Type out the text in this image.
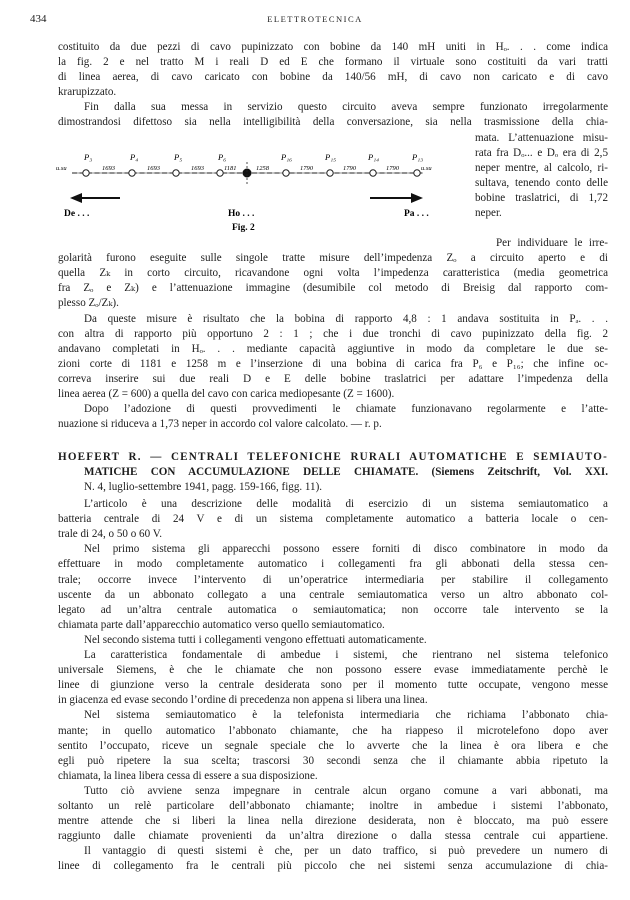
434	ELETTROTECNICA
costituito da due pezzi di cavo pupinizzato con bobine da 140 mH uniti in Hₒ. . . come indica
la fig. 2 e nel tratto M i reali D ed E che formano il virtuale sono costituiti da vari tratti
di linea aerea, di cavo caricato con bobine da 140/56 mH, di cavo non caricato e di cavo
krarupizzato.
Fin dalla sua messa in servizio questo circuito aveva sempre funzionato irregolarmente
dimostrandosi difettoso sia nella intelligibilità della conversazione, sia nella trasmissione della chia-
mata. L’attenuazione misu-
rata fra Dₒ... e Dₒ era di 2,5
neper mentre, al calcolo, ri-
sultava, tenendo conto delle
bobine traslatrici, di 1,72
neper.
P₃	P₄	P₅	P₆	P₁₆	P₁₅	P₁₄	P₁₃
u.su	1693	1693	1693	1181	1258	1790	1790	1790	u.su
De . . .	Ho . . .	Pa . . .
Fig. 2
Per individuare le irre-
golarità furono eseguite sulle singole tratte misure dell’impedenza Zₒ a circuito aperto e di
quella Zₖ in corto circuito, ricavandone ogni volta l’impedenza caratteristica (media geometrica
fra Zₒ e Zₖ) e l’attenuazione immagine (desumibile col metodo di Breisig dal rapporto com-
plesso Zₒ/Zₖ).
Da queste misure è risultato che la bobina di rapporto 4,8 : 1 andava sostituita in Pₔ. . .
con altra di rapporto più opportuno 2 : 1 ; che i due tronchi di cavo pupinizzato della fig. 2
andavano completati in Hₒ. . . mediante capacità aggiuntive in modo da completare le due se-
zioni corte di 1181 e 1258 m e l’inserzione di una bobina di carica fra P₆ e P₁₆; che infine oc-
correva inserire sui due reali D e E delle bobine traslatrici per adattare l’impedenza della
linea aerea (Z = 600) a quella del cavo con carica mediopesante (Z = 1600).
Dopo l’adozione di questi provvedimenti le chiamate funzionavano regolarmente e l’atte-
nuazione si riduceva a 1,73 neper in accordo col valore calcolato. — r. p.
HOEFERT R. — CENTRALI TELEFONICHE RURALI AUTOMATICHE E SEMIAUTO-
MATICHE CON ACCUMULAZIONE DELLE CHIAMATE. (Siemens Zeitschrift, Vol. XXI.
N. 4, luglio-settembre 1941, pagg. 159-166, figg. 11).
L’articolo è una descrizione delle modalità di esercizio di un sistema semiautomatico a
batteria centrale di 24 V e di un sistema completamente automatico a batteria locale o cen-
trale di 24, o 50 o 60 V.
Nel primo sistema gli apparecchi possono essere forniti di disco combinatore in modo da
effettuare in modo completamente automatico i collegamenti fra gli abbonati della stessa cen-
trale; occorre invece l’intervento di un’operatrice intermediaria per stabilire il collegamento
uscente da un abbonato collegato a una centrale semiautomatica verso un altro abbonato col-
legato ad un’altra centrale automatica o semiautomatica; non occorre tale intervento se la
chiamata parte dall’apparecchio automatico verso quello semiautomatico.
Nel secondo sistema tutti i collegamenti vengono effettuati automaticamente.
La caratteristica fondamentale di ambedue i sistemi, che rientrano nel sistema telefonico
universale Siemens, è che le chiamate che non possono essere evase immediatamente perchè le
linee di giunzione verso la centrale desiderata sono per il momento tutte occupate, vengono messe
in giacenza ed evase secondo l’ordine di precedenza non appena si libera una linea.
Nel sistema semiautomatico è la telefonista intermediaria che richiama l’abbonato chia-
mante; in quello automatico l’abbonato chiamante, che ha riappeso il microtelefono dopo aver
sentito l’occupato, riceve un segnale speciale che lo avverte che la linea è ora libera e che
egli può ripetere la sua scelta; trascorsi 30 secondi senza che il chiamante abbia ripetuto la
chiamata, la linea libera cessa di essere a sua disposizione.
Tutto ciò avviene senza impegnare in centrale alcun organo comune a vari abbonati, ma
soltanto un relè particolare dell’abbonato chiamante; inoltre in ambedue i sistemi l’abbonato,
mentre attende che si liberi la linea nella direzione desiderata, non è bloccato, ma può essere
raggiunto dalle chiamate provenienti da un’altra direzione o dalla stessa centrale cui appartiene.
Il vantaggio di questi sistemi è che, per un dato traffico, si può prevedere un numero di
linee di collegamento fra le centrali più piccolo che nei sistemi senza accumulazione di chia-
